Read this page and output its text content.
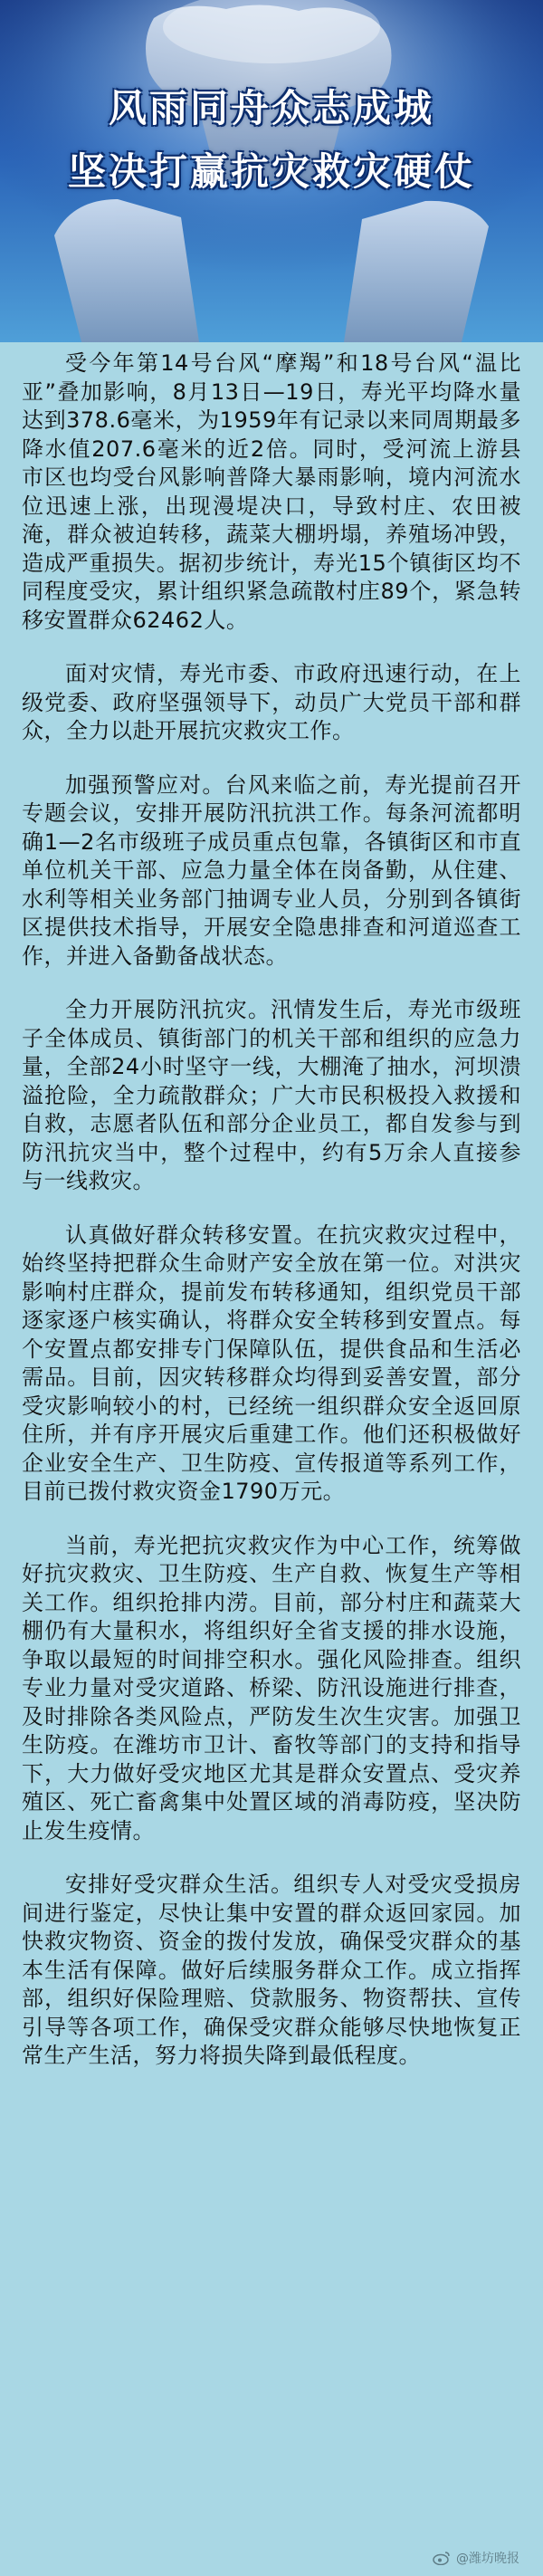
风雨同舟众志成城
坚决打赢抗灾救灾硬仗

受今年第14号台风“摩羯”和18号台风“温比亚”叠加影响，8月13日—19日，寿光平均降水量达到378.6毫米，为1959年有记录以来同周期最多降水值207.6毫米的近2倍。同时，受河流上游县市区也均受台风影响普降大暴雨影响，境内河流水位迅速上涨，出现漫堤决口，导致村庄、农田被淹，群众被迫转移，蔬菜大棚坍塌，养殖场冲毁，造成严重损失。据初步统计，寿光15个镇街区均不同程度受灾，累计组织紧急疏散村庄89个，紧急转移安置群众62462人。

面对灾情，寿光市委、市政府迅速行动，在上级党委、政府坚强领导下，动员广大党员干部和群众，全力以赴开展抗灾救灾工作。

加强预警应对。台风来临之前，寿光提前召开专题会议，安排开展防汛抗洪工作。每条河流都明确1—2名市级班子成员重点包靠，各镇街区和市直单位机关干部、应急力量全体在岗备勤，从住建、水利等相关业务部门抽调专业人员，分别到各镇街区提供技术指导，开展安全隐患排查和河道巡查工作，并进入备勤备战状态。

全力开展防汛抗灾。汛情发生后，寿光市级班子全体成员、镇街部门的机关干部和组织的应急力量，全部24小时坚守一线，大棚淹了抽水，河坝溃溢抢险，全力疏散群众；广大市民积极投入救援和自救，志愿者队伍和部分企业员工，都自发参与到防汛抗灾当中，整个过程中，约有5万余人直接参与一线救灾。

认真做好群众转移安置。在抗灾救灾过程中，始终坚持把群众生命财产安全放在第一位。对洪灾影响村庄群众，提前发布转移通知，组织党员干部逐家逐户核实确认，将群众安全转移到安置点。每个安置点都安排专门保障队伍，提供食品和生活必需品。目前，因灾转移群众均得到妥善安置，部分受灾影响较小的村，已经统一组织群众安全返回原住所，并有序开展灾后重建工作。他们还积极做好企业安全生产、卫生防疫、宣传报道等系列工作，目前已拨付救灾资金1790万元。

当前，寿光把抗灾救灾作为中心工作，统筹做好抗灾救灾、卫生防疫、生产自救、恢复生产等相关工作。组织抢排内涝。目前，部分村庄和蔬菜大棚仍有大量积水，将组织好全省支援的排水设施，争取以最短的时间排空积水。强化风险排查。组织专业力量对受灾道路、桥梁、防汛设施进行排查，及时排除各类风险点，严防发生次生灾害。加强卫生防疫。在潍坊市卫计、畜牧等部门的支持和指导下，大力做好受灾地区尤其是群众安置点、受灾养殖区、死亡畜禽集中处置区域的消毒防疫，坚决防止发生疫情。

安排好受灾群众生活。组织专人对受灾受损房间进行鉴定，尽快让集中安置的群众返回家园。加快救灾物资、资金的拨付发放，确保受灾群众的基本生活有保障。做好后续服务群众工作。成立指挥部，组织好保险理赔、贷款服务、物资帮扶、宣传引导等各项工作，确保受灾群众能够尽快地恢复正常生产生活，努力将损失降到最低程度。

@潍坊晚报
